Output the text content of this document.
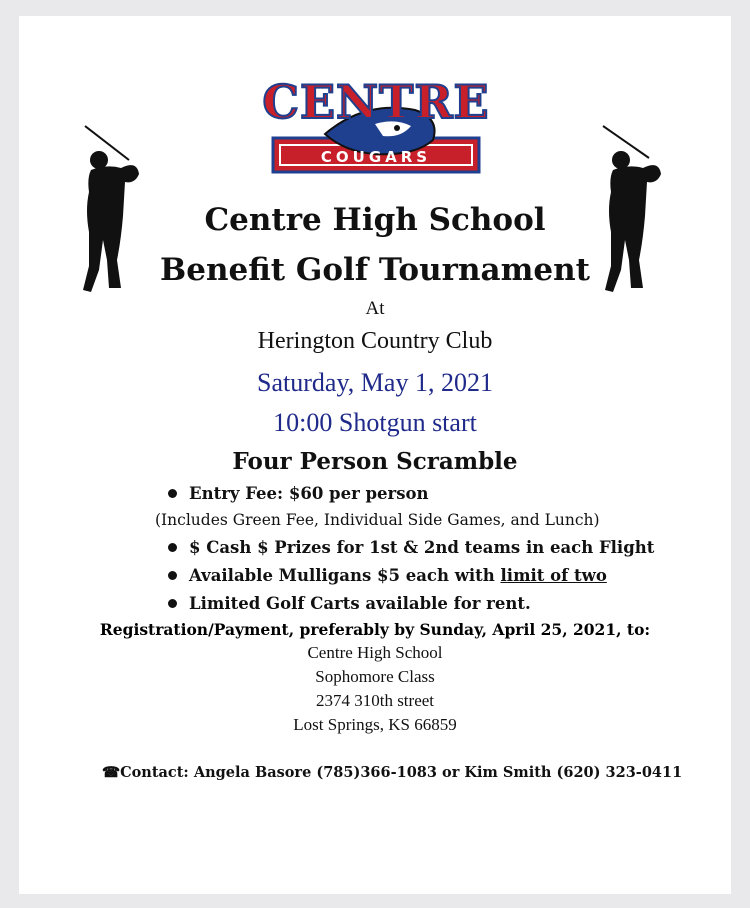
CENTRE
COUGARS
Centre High School
Benefit Golf Tournament
At
Herington Country Club
Saturday, May 1, 2021
10:00 Shotgun start
Four Person Scramble
Entry Fee: $60 per person
(Includes Green Fee, Individual Side Games, and Lunch)
$ Cash $ Prizes for 1st & 2nd teams in each Flight
Available Mulligans $5 each with limit of two
Limited Golf Carts available for rent.
Registration/Payment, preferably by Sunday, April 25, 2021, to:
Centre High School
Sophomore Class
2374 310th street
Lost Springs, KS 66859
☎Contact: Angela Basore (785)366-1083 or Kim Smith (620) 323-0411
